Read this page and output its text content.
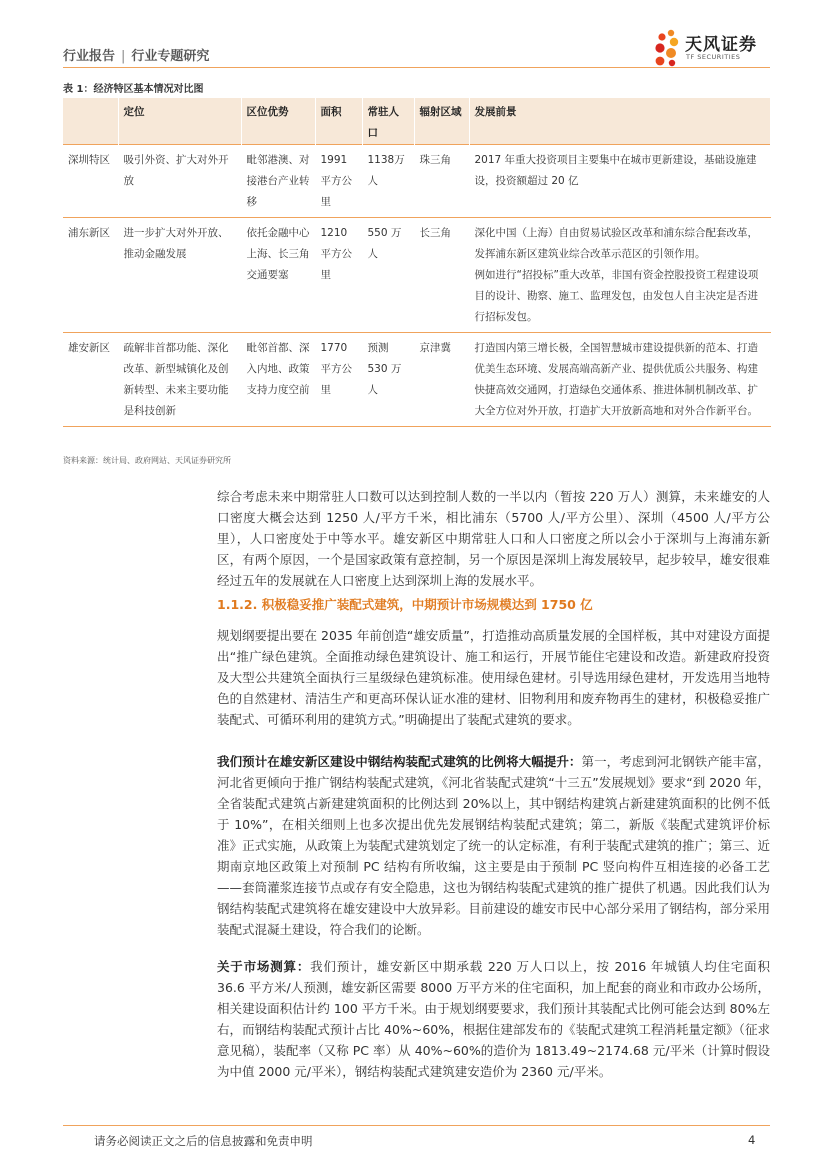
行业报告 | 行业专题研究
天风证券
TF SECURITIES
表 1：经济特区基本情况对比图
	定位	区位优势	面积	常驻人口	辐射区域	发展前景
深圳特区	吸引外资、扩大对外开放	毗邻港澳、对接港台产业转移	1991平方公里	1138万人	珠三角	2017 年重大投资项目主要集中在城市更新建设，基础设施建设，投资额超过 20 亿
浦东新区	进一步扩大对外开放、推动金融发展	依托金融中心上海、长三角交通要塞	1210平方公里	550 万人	长三角	深化中国（上海）自由贸易试验区改革和浦东综合配套改革，发挥浦东新区建筑业综合改革示范区的引领作用。
例如进行“招投标”重大改革，非国有资金控股投资工程建设项目的设计、勘察、施工、监理发包，由发包人自主决定是否进行招标发包。

雄安新区	疏解非首都功能、深化改革、新型城镇化及创新转型、未来主要功能是科技创新	毗邻首都、深入内地、政策支持力度空前	1770平方公里	预测530 万人	京津冀	打造国内第三增长极，全国智慧城市建设提供新的范本、打造优美生态环境、发展高端高新产业、提供优质公共服务、构建快捷高效交通网，打造绿色交通体系、推进体制机制改革、扩大全方位对外开放，打造扩大开放新高地和对外合作新平台。
资料来源：统计局、政府网站、天风证券研究所
综合考虑未来中期常驻人口数可以达到控制人数的一半以内（暂按 220 万人）测算，未来雄安的人口密度大概会达到 1250 人/平方千米，相比浦东（5700 人/平方公里）、深圳（4500 人/平方公里），人口密度处于中等水平。雄安新区中期常驻人口和人口密度之所以会小于深圳与上海浦东新区，有两个原因，一个是国家政策有意控制，另一个原因是深圳上海发展较早，起步较早，雄安很难经过五年的发展就在人口密度上达到深圳上海的发展水平。
1.1.2. 积极稳妥推广装配式建筑，中期预计市场规模达到 1750 亿
规划纲要提出要在 2035 年前创造“雄安质量”，打造推动高质量发展的全国样板，其中对建设方面提出“推广绿色建筑。全面推动绿色建筑设计、施工和运行，开展节能住宅建设和改造。新建政府投资及大型公共建筑全面执行三星级绿色建筑标准。使用绿色建材。引导选用绿色建材，开发选用当地特色的自然建材、清洁生产和更高环保认证水准的建材、旧物利用和废弃物再生的建材，积极稳妥推广装配式、可循环利用的建筑方式。”明确提出了装配式建筑的要求。
我们预计在雄安新区建设中钢结构装配式建筑的比例将大幅提升：第一，考虑到河北钢铁产能丰富，河北省更倾向于推广钢结构装配式建筑，《河北省装配式建筑“十三五”发展规划》要求“到 2020 年，全省装配式建筑占新建建筑面积的比例达到 20%以上，其中钢结构建筑占新建建筑面积的比例不低于 10%”，在相关细则上也多次提出优先发展钢结构装配式建筑；第二，新版《装配式建筑评价标准》正式实施，从政策上为装配式建筑划定了统一的认定标准，有利于装配式建筑的推广；第三、近期南京地区政策上对预制 PC 结构有所收编，这主要是由于预制 PC 竖向构件互相连接的必备工艺——套筒灌浆连接节点或存有安全隐患，这也为钢结构装配式建筑的推广提供了机遇。因此我们认为钢结构装配式建筑将在雄安建设中大放异彩。目前建设的雄安市民中心部分采用了钢结构，部分采用装配式混凝土建设，符合我们的论断。
关于市场测算：我们预计，雄安新区中期承载 220 万人口以上，按 2016 年城镇人均住宅面积 36.6 平方米/人预测，雄安新区需要 8000 万平方米的住宅面积，加上配套的商业和市政办公场所，相关建设面积估计约 100 平方千米。由于规划纲要要求，我们预计其装配式比例可能会达到 80%左右，而钢结构装配式预计占比 40%~60%，根据住建部发布的《装配式建筑工程消耗量定额》（征求意见稿），装配率（又称 PC 率）从 40%~60%的造价为 1813.49~2174.68 元/平米（计算时假设为中值 2000 元/平米），钢结构装配式建筑建安造价为 2360 元/平米。
请务必阅读正文之后的信息披露和免责申明	4
